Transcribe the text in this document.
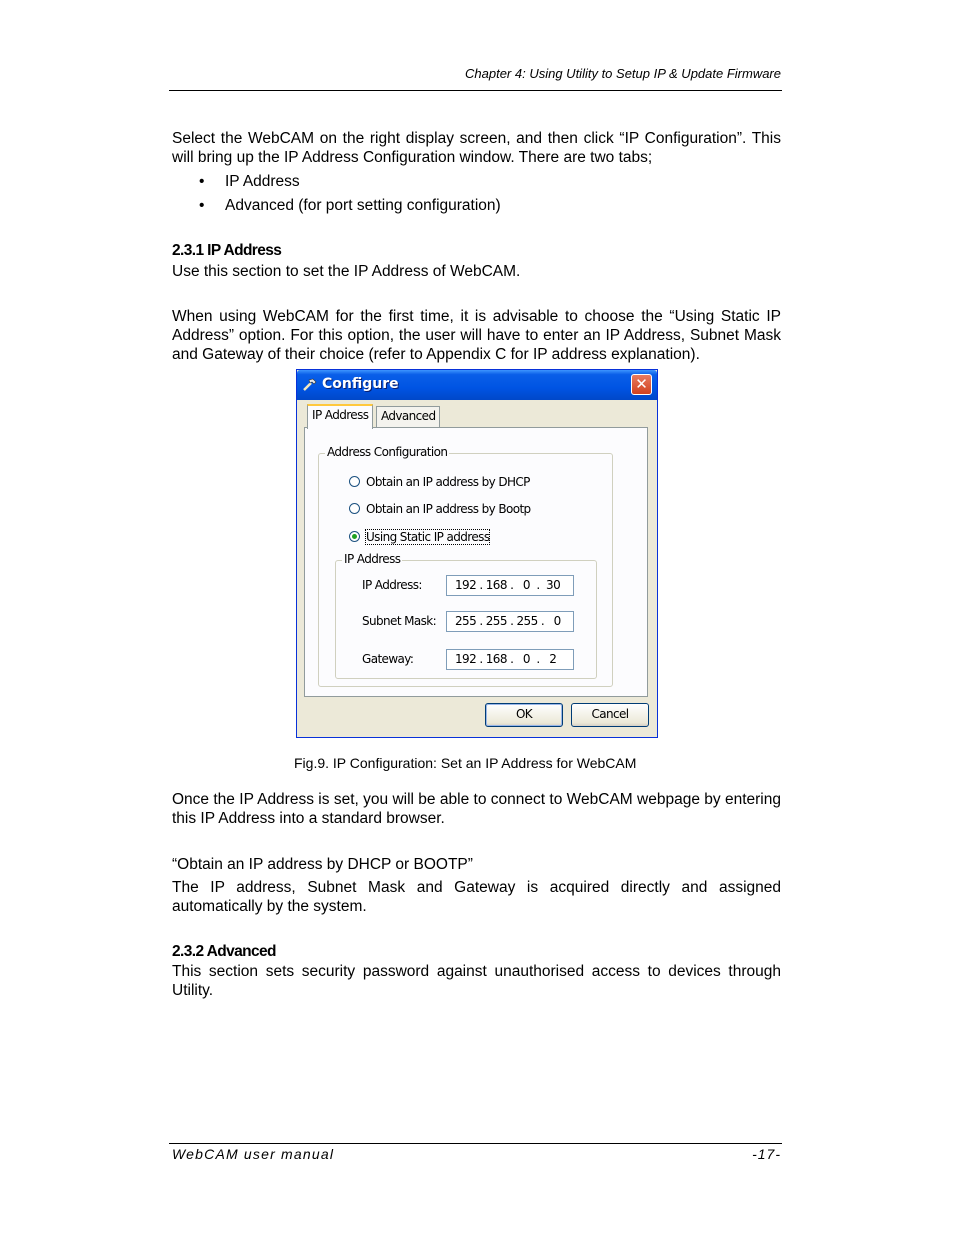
Chapter 4: Using Utility to Setup IP & Update Firmware

Select the WebCAM on the right display screen, and then click “IP Configuration”. This will bring up the IP Address Configuration window. There are two tabs;

• IP Address
• Advanced (for port setting configuration)
2.3.1 IP Address
Use this section to set the IP Address of WebCAM.

When using WebCAM for the first time, it is advisable to choose the “Using Static IP Address” option. For this option, the user will have to enter an IP Address, Subnet Mask and Gateway of their choice (refer to Appendix C for IP address explanation).

Configure	✕
IP Address	Advanced
Address Configuration
Obtain an IP address by DHCP
Obtain an IP address by Bootp
Using Static IP address
IP Address
IP Address:	192 . 168 .   0  .  30
Subnet Mask:	255 . 255 . 255 .   0
Gateway:	192 . 168 .   0  .   2
OK	Cancel
Fig.9. IP Configuration: Set an IP Address for WebCAM

Once the IP Address is set, you will be able to connect to WebCAM webpage by entering this IP Address into a standard browser.

“Obtain an IP address by DHCP or BOOTP”

The IP address, Subnet Mask and Gateway is acquired directly and assigned automatically by the system.

2.3.2 Advanced

This section sets security password against unauthorised access to devices through Utility.

WebCAM user manual	-17-
